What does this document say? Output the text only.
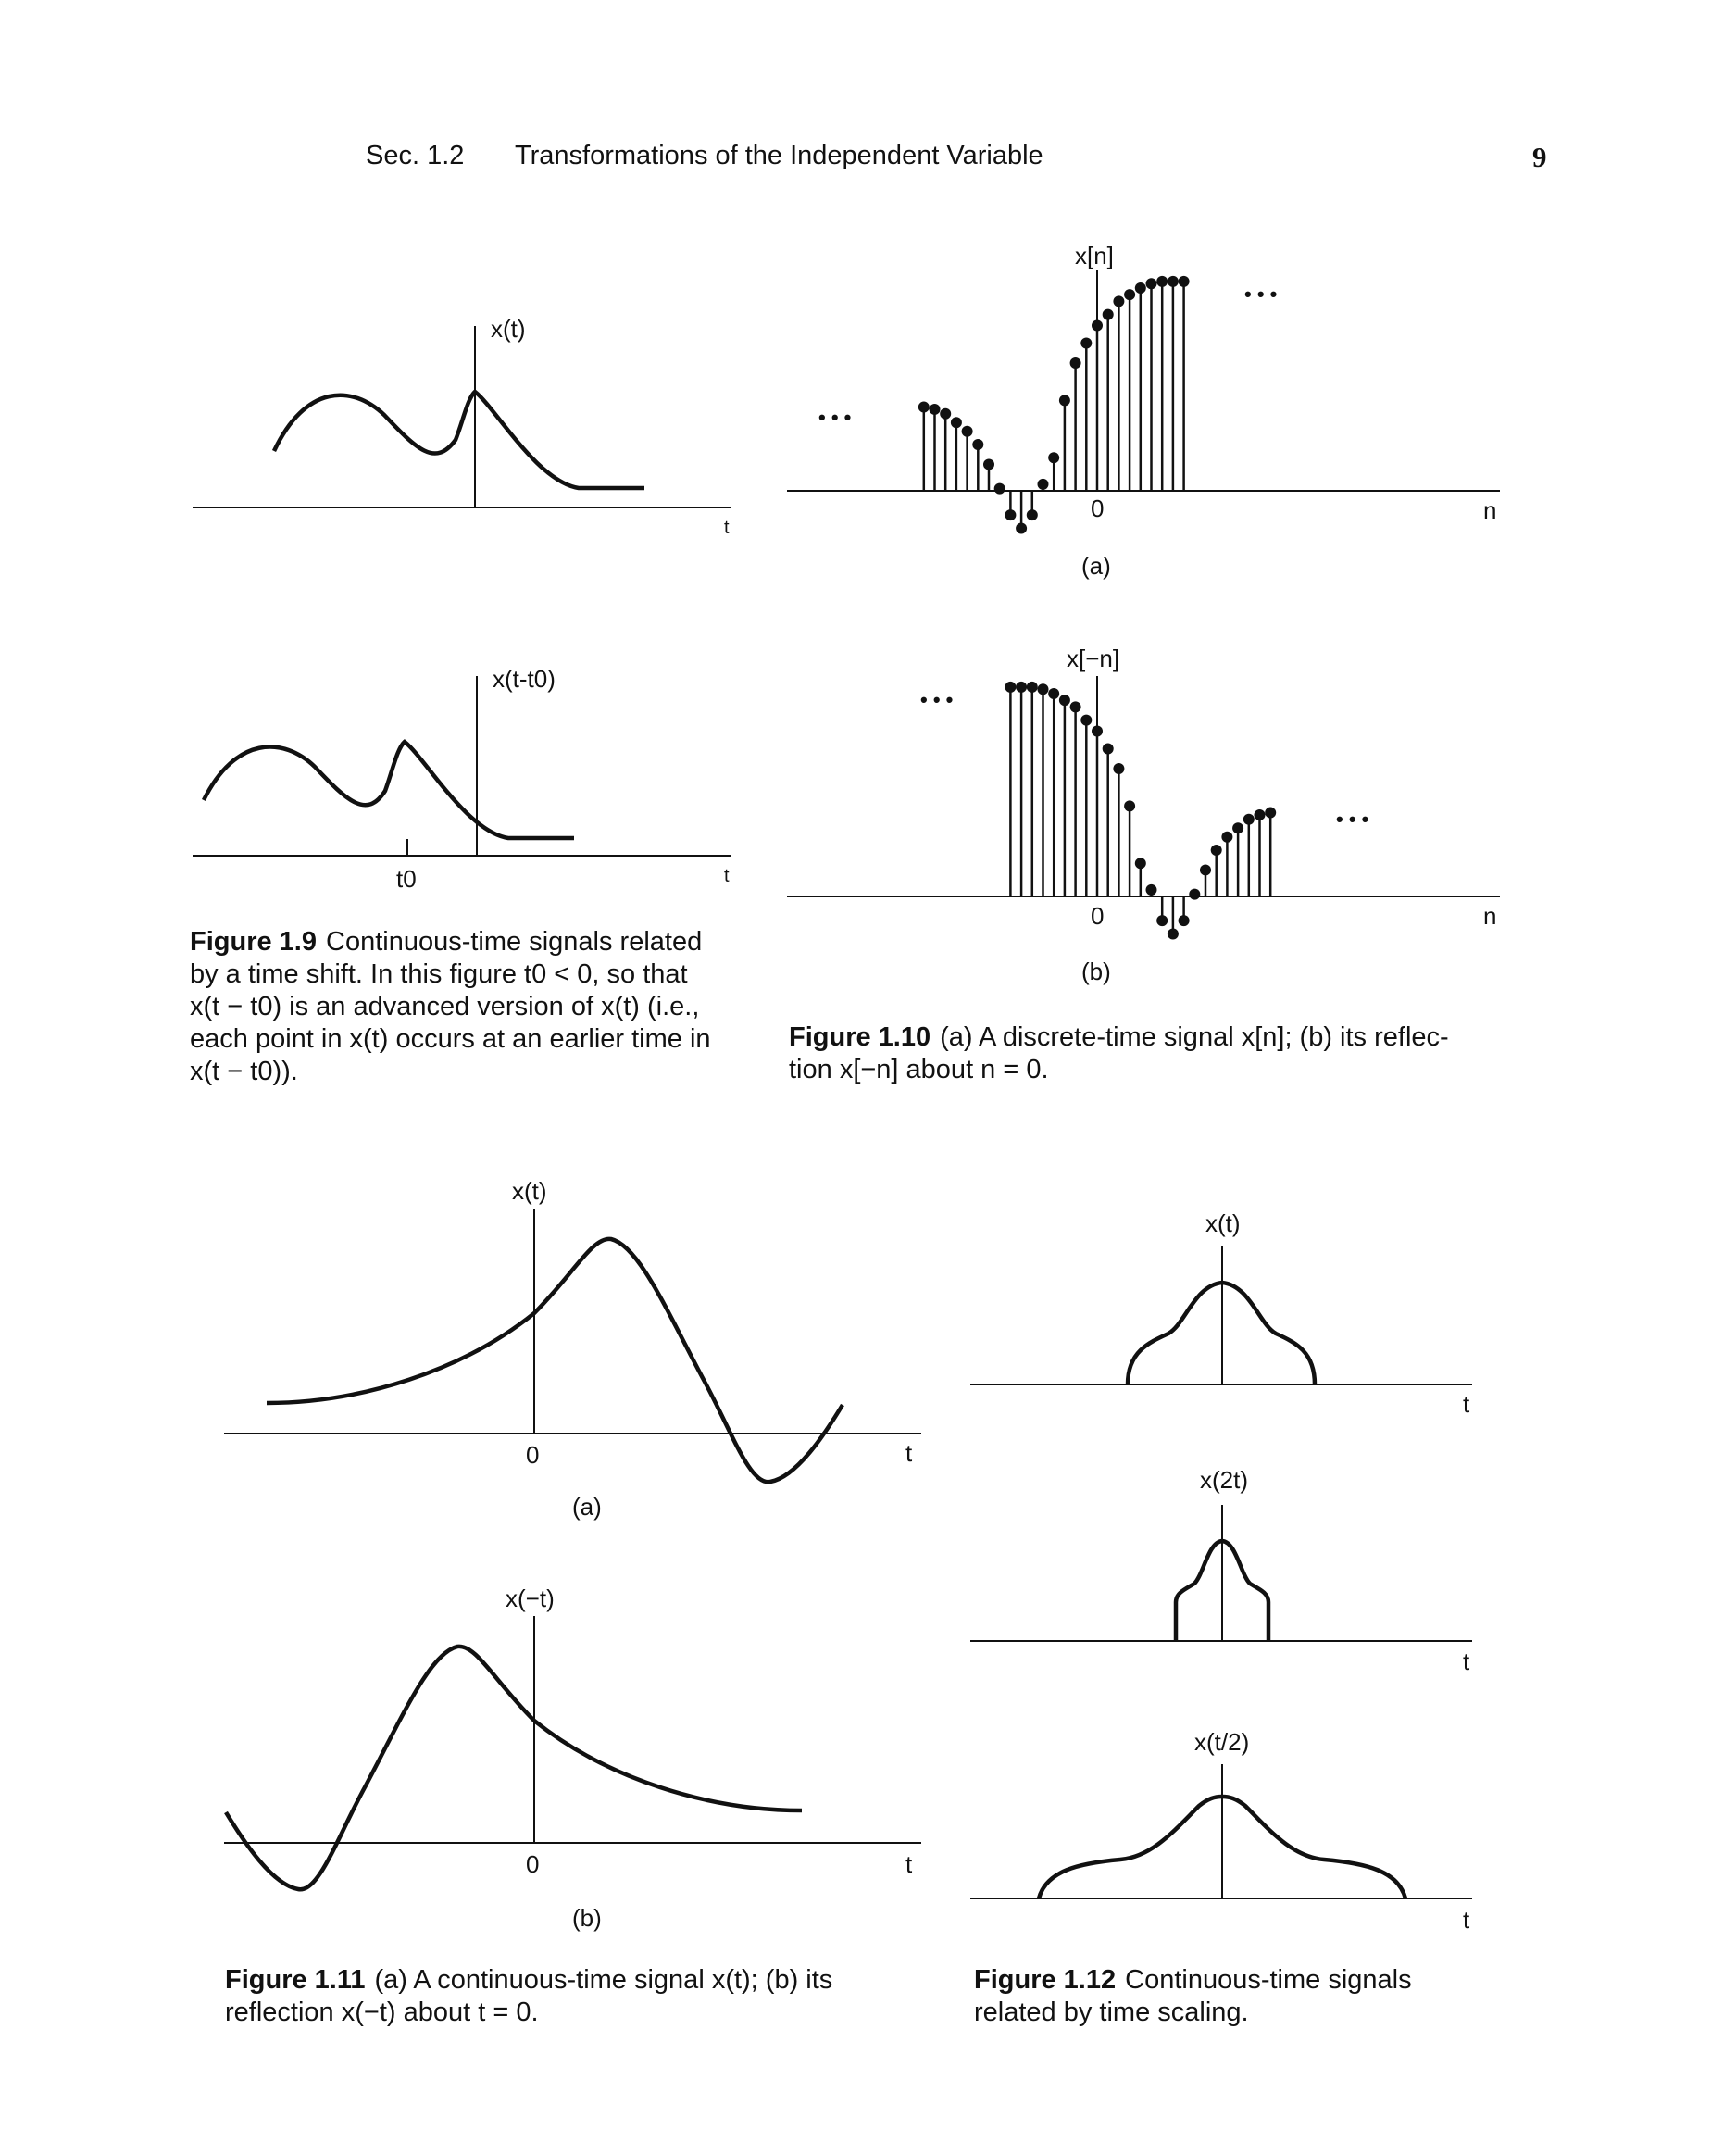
Sec. 1.2 Transformations of the Independent Variable	9
x(t)
t
x(t-t0)
t0	t
Figure 1.9 Continuous-time signals related
by a time shift. In this figure t0 < 0, so that
x(t − t0) is an advanced version of x(t) (i.e.,
each point in x(t) occurs at an earlier time in
x(t − t0)).
x[n]
0	n
• • •
• • •
(a)
x[−n]
0	n
• • •
• • •
(b)
Figure 1.10 (a) A discrete-time signal x[n]; (b) its reflec-
tion x[−n] about n = 0.
x(t)
0	t
(a)
x(−t)
0	t
(b)
Figure 1.11 (a) A continuous-time signal x(t); (b) its
reflection x(−t) about t = 0.
x(t)
t
x(2t)
t
x(t/2)
t
Figure 1.12 Continuous-time signals
related by time scaling.
